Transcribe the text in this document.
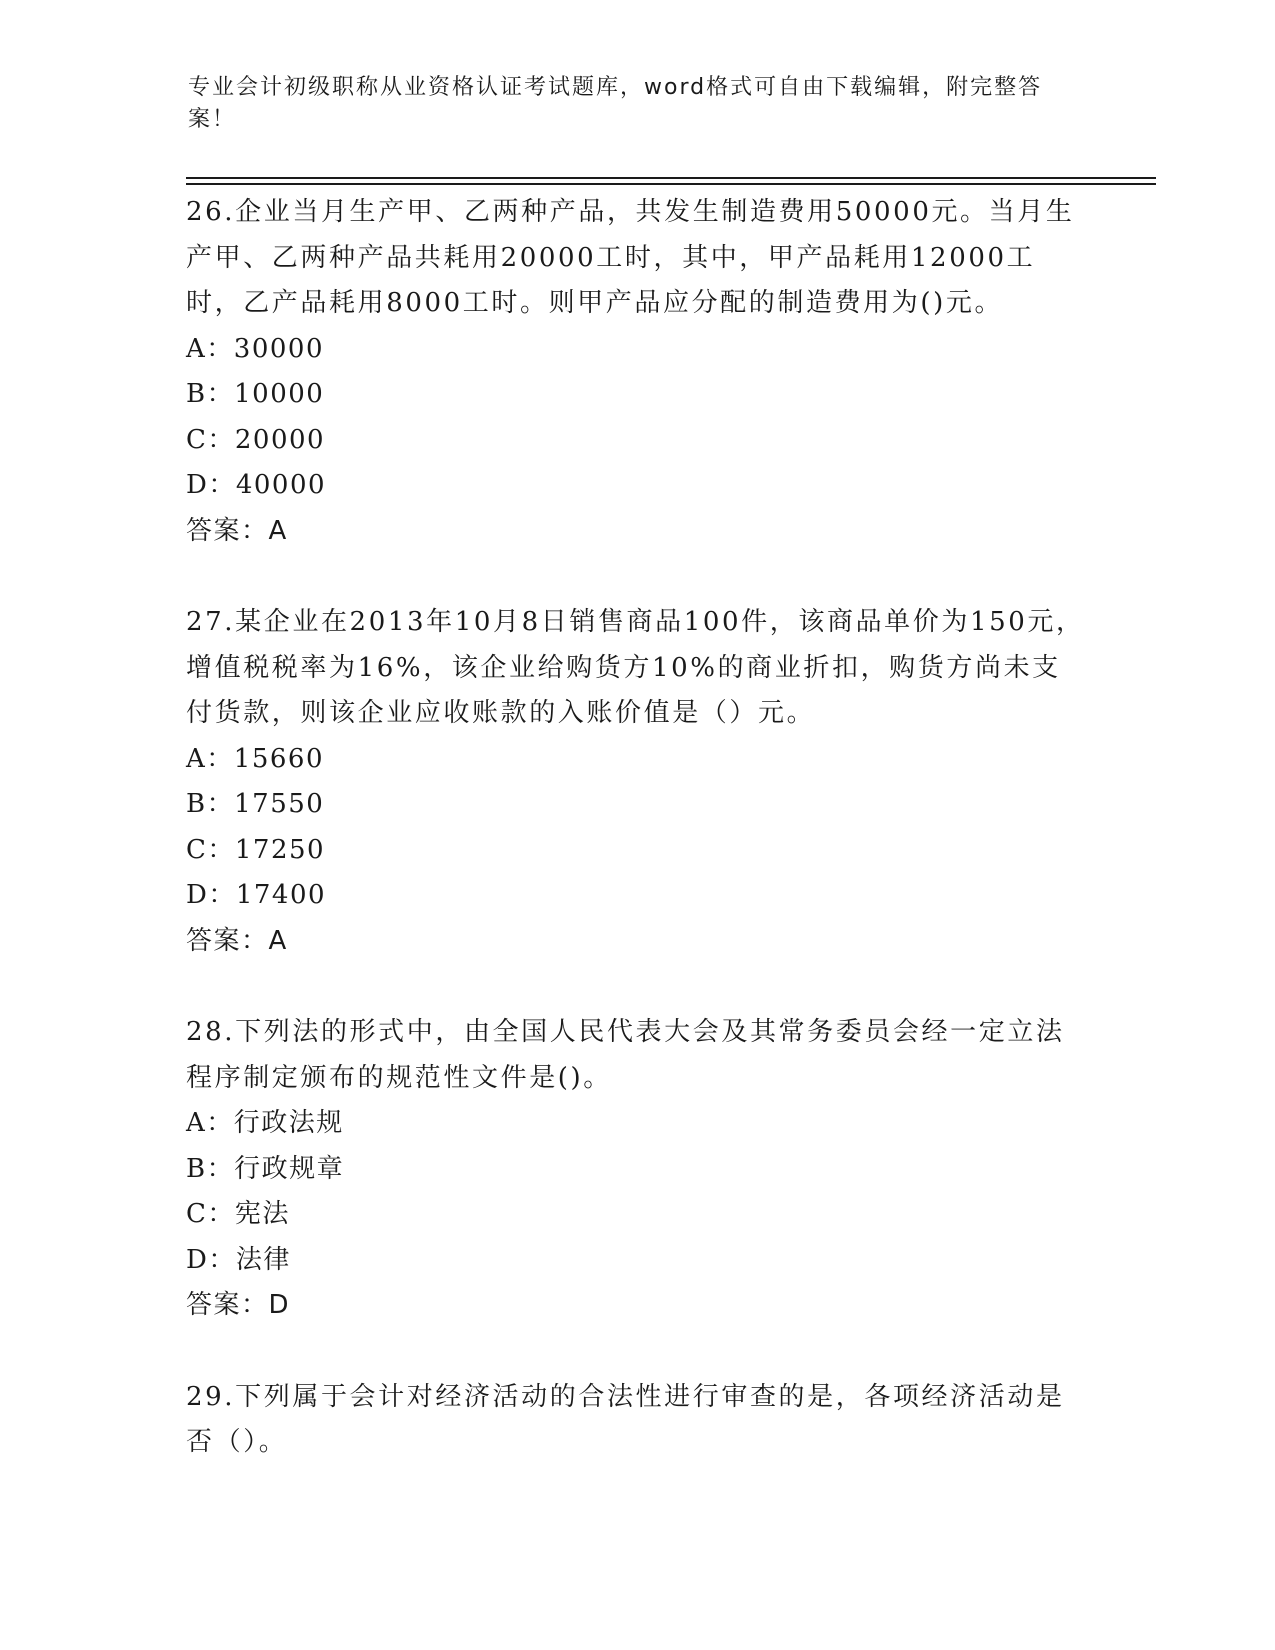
专业会计初级职称从业资格认证考试题库，word格式可自由下载编辑，附完整答案！
26.企业当月生产甲、乙两种产品，共发生制造费用50000元。当月生产甲、乙两种产品共耗用20000工时，其中，甲产品耗用12000工时，乙产品耗用8000工时。则甲产品应分配的制造费用为()元。
A：30000
B：10000
C：20000
D：40000
答案：A
27.某企业在2013年10月8日销售商品100件，该商品单价为150元，增值税税率为16%，该企业给购货方10%的商业折扣，购货方尚未支付货款，则该企业应收账款的入账价值是（）元。
A：15660
B：17550
C：17250
D：17400
答案：A
28.下列法的形式中，由全国人民代表大会及其常务委员会经一定立法程序制定颁布的规范性文件是()。
A：行政法规
B：行政规章
C：宪法
D：法律
答案：D
29.下列属于会计对经济活动的合法性进行审查的是，各项经济活动是否（）。
